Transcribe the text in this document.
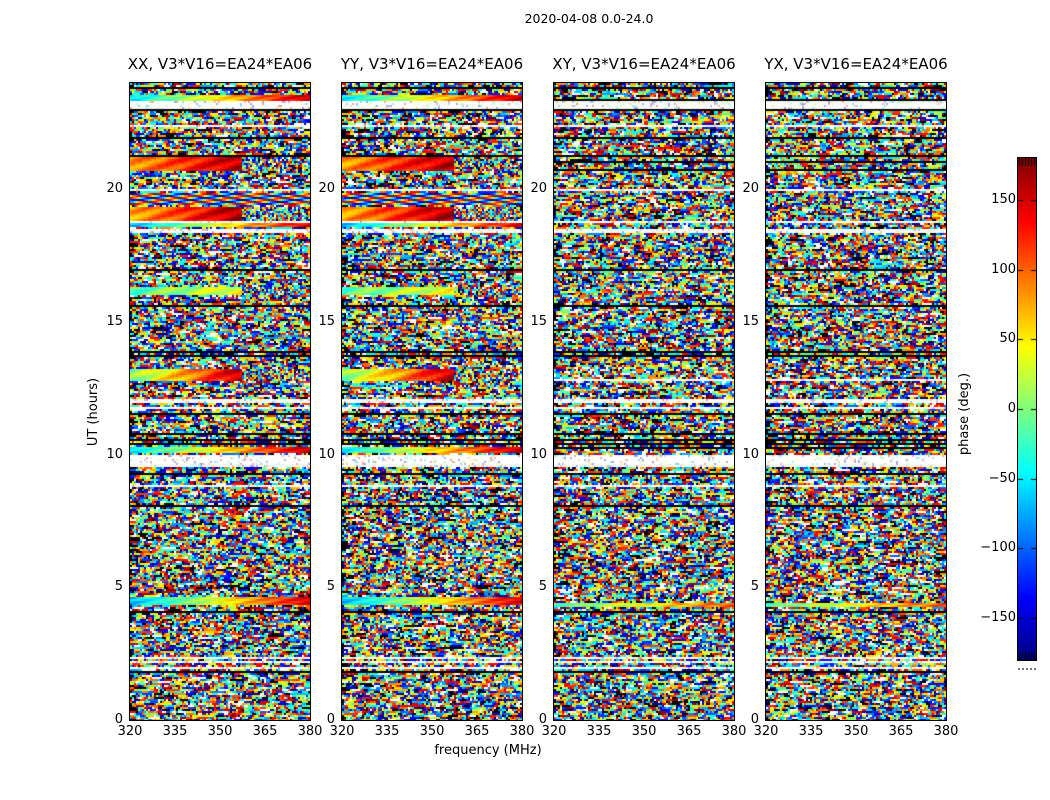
2020-04-08 0.0-24.0
XX, V3*V16=EA24*EA06
0
5
10
15
20
320	335	350	365	380
YY, V3*V16=EA24*EA06
0
5
10
15
20
320	335	350	365	380
XY, V3*V16=EA24*EA06
0
5
10
15
20
320	335	350	365	380
YX, V3*V16=EA24*EA06
0
5
10
15
20
320	335	350	365	380
frequency (MHz)
UT (hours)
150
100
50
0
−50
−100
−150
phase (deg.)
